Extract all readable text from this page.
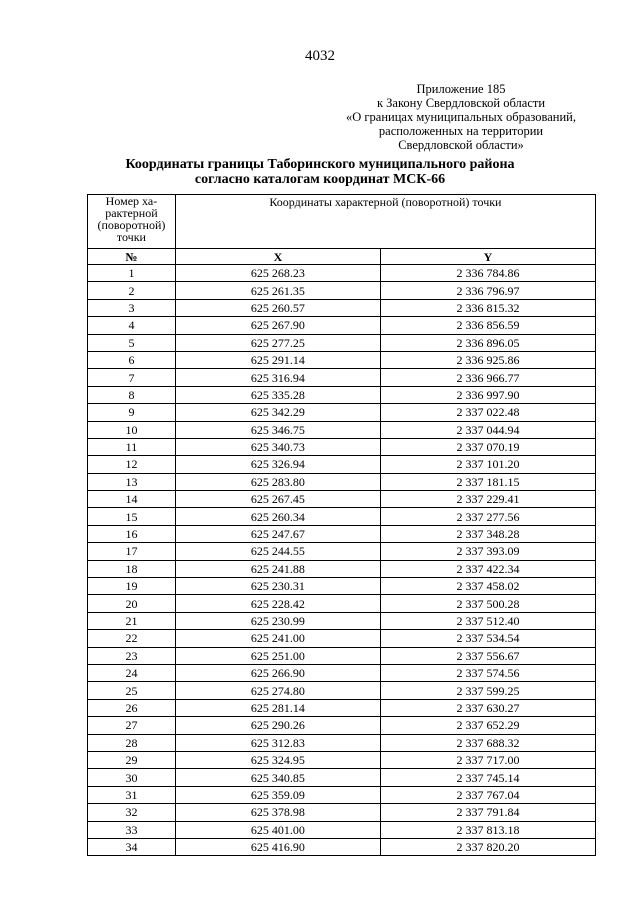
4032
Приложение 185
к Закону Свердловской области
«О границах муниципальных образований,
расположенных на территории
Свердловской области»
Координаты границы Таборинского муниципального района
согласно каталогам координат МСК-66
Номер ха-
рактерной
(поворотной)
точки	Координаты характерной (поворотной) точки	
№	X	Y
1	625 268.23	2 336 784.86
2	625 261.35	2 336 796.97
3	625 260.57	2 336 815.32
4	625 267.90	2 336 856.59
5	625 277.25	2 336 896.05
6	625 291.14	2 336 925.86
7	625 316.94	2 336 966.77
8	625 335.28	2 336 997.90
9	625 342.29	2 337 022.48
10	625 346.75	2 337 044.94
11	625 340.73	2 337 070.19
12	625 326.94	2 337 101.20
13	625 283.80	2 337 181.15
14	625 267.45	2 337 229.41
15	625 260.34	2 337 277.56
16	625 247.67	2 337 348.28
17	625 244.55	2 337 393.09
18	625 241.88	2 337 422.34
19	625 230.31	2 337 458.02
20	625 228.42	2 337 500.28
21	625 230.99	2 337 512.40
22	625 241.00	2 337 534.54
23	625 251.00	2 337 556.67
24	625 266.90	2 337 574.56
25	625 274.80	2 337 599.25
26	625 281.14	2 337 630.27
27	625 290.26	2 337 652.29
28	625 312.83	2 337 688.32
29	625 324.95	2 337 717.00
30	625 340.85	2 337 745.14
31	625 359.09	2 337 767.04
32	625 378.98	2 337 791.84
33	625 401.00	2 337 813.18
34	625 416.90	2 337 820.20
